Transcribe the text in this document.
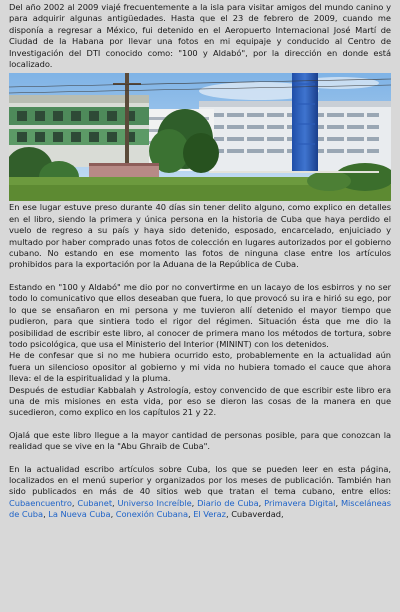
Del año 2002 al 2009 viajé frecuentemente a la isla para visitar amigos del mundo canino y para adquirir algunas antigüedades. Hasta que el 23 de febrero de 2009, cuando me disponía a regresar a México, fui detenido en el Aeropuerto Internacional José Martí de Ciudad de la Habana por llevar una fotos en mi equipaje y conducido al Centro de Investigación del DTI conocido como: "100 y Aldabó", por la dirección en donde está localizado.

En ese lugar estuve preso durante 40 días sin tener delito alguno, como explico en detalles en el libro, siendo la primera y única persona en la historia de Cuba que haya perdido el vuelo de regreso a su país y haya sido detenido, esposado, encarcelado, enjuiciado y multado por haber comprado unas fotos de colección en lugares autorizados por el gobierno cubano. No estando en ese momento las fotos de ninguna clase entre los artículos prohibidos para la exportación por la Aduana de la República de Cuba.

Estando en "100 y Aldabó" me dio por no convertirme en un lacayo de los esbirros y no ser todo lo comunicativo que ellos deseaban que fuera, lo que provocó su ira e hirió su ego, por lo que se ensañaron en mi persona y me tuvieron allí detenido el mayor tiempo que pudieron, para que sintiera todo el rigor del régimen. Situación ésta que me dio la posibilidad de escribir este libro, al conocer de primera mano los métodos de tortura, sobre todo psicológica, que usa el Ministerio del Interior (MININT) con los detenidos.

He de confesar que si no me hubiera ocurrido esto, probablemente en la actualidad aún fuera un silencioso opositor al gobierno y mi vida no hubiera tomado el cauce que ahora lleva: el de la espiritualidad y la pluma.

Después de estudiar Kabbalah y Astrología, estoy convencido de que escribir este libro era una de mis misiones en esta vida, por eso se dieron las cosas de la manera en que sucedieron, como explico en los capítulos 21 y 22.

Ojalá que este libro llegue a la mayor cantidad de personas posible, para que conozcan la realidad que se vive en la "Abu Ghraib de Cuba".

En la actualidad escribo artículos sobre Cuba, los que se pueden leer en esta página, localizados en el menú superior y organizados por los meses de publicación. También han sido publicados en más de 40 sitios web que tratan el tema cubano, entre ellos: Cubaencuentro, Cubanet, Universo Increíble, Diario de Cuba, Primavera Digital, Misceláneas de Cuba, La Nueva Cuba, Conexión Cubana, El Veraz, Cubaverdad,
